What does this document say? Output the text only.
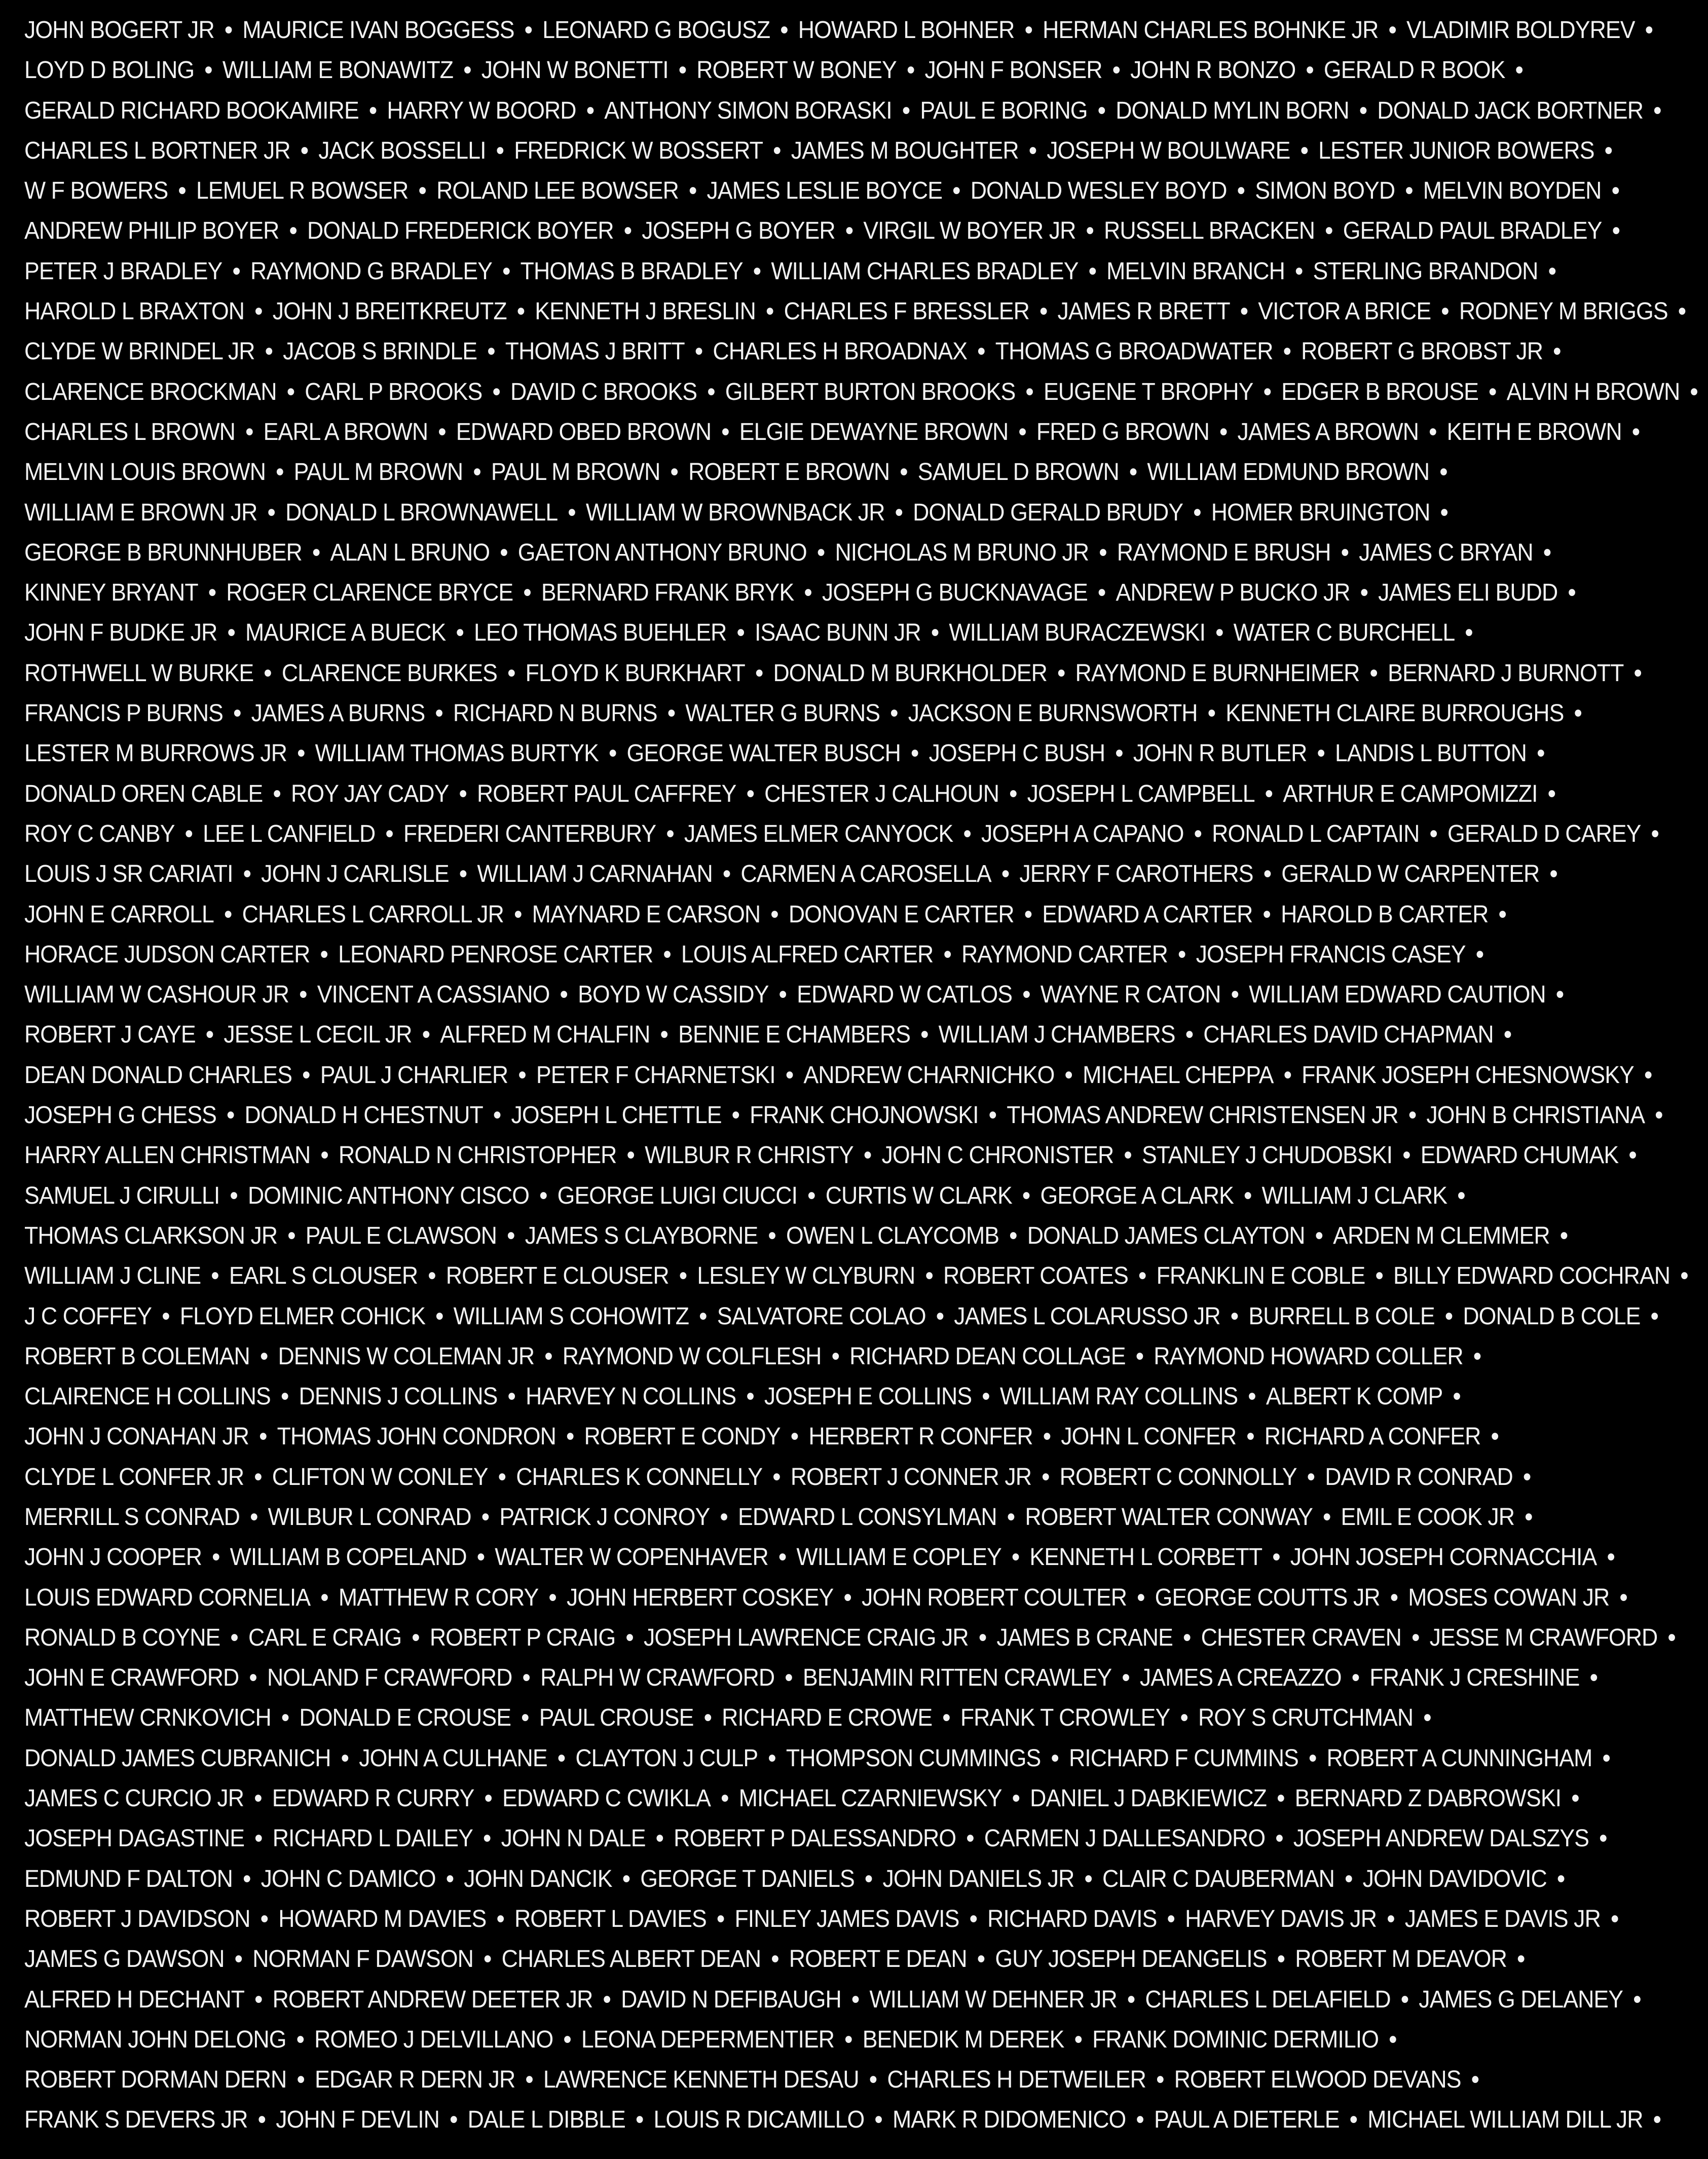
JOHN BOGERT JR • MAURICE IVAN BOGGESS • LEONARD G BOGUSZ • HOWARD L BOHNER • HERMAN CHARLES BOHNKE JR • VLADIMIR BOLDYREV •
LOYD D BOLING • WILLIAM E BONAWITZ • JOHN W BONETTI • ROBERT W BONEY • JOHN F BONSER • JOHN R BONZO • GERALD R BOOK •
GERALD RICHARD BOOKAMIRE • HARRY W BOORD • ANTHONY SIMON BORASKI • PAUL E BORING • DONALD MYLIN BORN • DONALD JACK BORTNER •
CHARLES L BORTNER JR • JACK BOSSELLI • FREDRICK W BOSSERT • JAMES M BOUGHTER • JOSEPH W BOULWARE • LESTER JUNIOR BOWERS •
W F BOWERS • LEMUEL R BOWSER • ROLAND LEE BOWSER • JAMES LESLIE BOYCE • DONALD WESLEY BOYD • SIMON BOYD • MELVIN BOYDEN •
ANDREW PHILIP BOYER • DONALD FREDERICK BOYER • JOSEPH G BOYER • VIRGIL W BOYER JR • RUSSELL BRACKEN • GERALD PAUL BRADLEY •
PETER J BRADLEY • RAYMOND G BRADLEY • THOMAS B BRADLEY • WILLIAM CHARLES BRADLEY • MELVIN BRANCH • STERLING BRANDON •
HAROLD L BRAXTON • JOHN J BREITKREUTZ • KENNETH J BRESLIN • CHARLES F BRESSLER • JAMES R BRETT • VICTOR A BRICE • RODNEY M BRIGGS •
CLYDE W BRINDEL JR • JACOB S BRINDLE • THOMAS J BRITT • CHARLES H BROADNAX • THOMAS G BROADWATER • ROBERT G BROBST JR •
CLARENCE BROCKMAN • CARL P BROOKS • DAVID C BROOKS • GILBERT BURTON BROOKS • EUGENE T BROPHY • EDGER B BROUSE • ALVIN H BROWN •
CHARLES L BROWN • EARL A BROWN • EDWARD OBED BROWN • ELGIE DEWAYNE BROWN • FRED G BROWN • JAMES A BROWN • KEITH E BROWN •
MELVIN LOUIS BROWN • PAUL M BROWN • PAUL M BROWN • ROBERT E BROWN • SAMUEL D BROWN • WILLIAM EDMUND BROWN •
WILLIAM E BROWN JR • DONALD L BROWNAWELL • WILLIAM W BROWNBACK JR • DONALD GERALD BRUDY • HOMER BRUINGTON •
GEORGE B BRUNNHUBER • ALAN L BRUNO • GAETON ANTHONY BRUNO • NICHOLAS M BRUNO JR • RAYMOND E BRUSH • JAMES C BRYAN •
KINNEY BRYANT • ROGER CLARENCE BRYCE • BERNARD FRANK BRYK • JOSEPH G BUCKNAVAGE • ANDREW P BUCKO JR • JAMES ELI BUDD •
JOHN F BUDKE JR • MAURICE A BUECK • LEO THOMAS BUEHLER • ISAAC BUNN JR • WILLIAM BURACZEWSKI • WATER C BURCHELL •
ROTHWELL W BURKE • CLARENCE BURKES • FLOYD K BURKHART • DONALD M BURKHOLDER • RAYMOND E BURNHEIMER • BERNARD J BURNOTT •
FRANCIS P BURNS • JAMES A BURNS • RICHARD N BURNS • WALTER G BURNS • JACKSON E BURNSWORTH • KENNETH CLAIRE BURROUGHS •
LESTER M BURROWS JR • WILLIAM THOMAS BURTYK • GEORGE WALTER BUSCH • JOSEPH C BUSH • JOHN R BUTLER • LANDIS L BUTTON •
DONALD OREN CABLE • ROY JAY CADY • ROBERT PAUL CAFFREY • CHESTER J CALHOUN • JOSEPH L CAMPBELL • ARTHUR E CAMPOMIZZI •
ROY C CANBY • LEE L CANFIELD • FREDERI CANTERBURY • JAMES ELMER CANYOCK • JOSEPH A CAPANO • RONALD L CAPTAIN • GERALD D CAREY •
LOUIS J SR CARIATI • JOHN J CARLISLE • WILLIAM J CARNAHAN • CARMEN A CAROSELLA • JERRY F CAROTHERS • GERALD W CARPENTER •
JOHN E CARROLL • CHARLES L CARROLL JR • MAYNARD E CARSON • DONOVAN E CARTER • EDWARD A CARTER • HAROLD B CARTER •
HORACE JUDSON CARTER • LEONARD PENROSE CARTER • LOUIS ALFRED CARTER • RAYMOND CARTER • JOSEPH FRANCIS CASEY •
WILLIAM W CASHOUR JR • VINCENT A CASSIANO • BOYD W CASSIDY • EDWARD W CATLOS • WAYNE R CATON • WILLIAM EDWARD CAUTION •
ROBERT J CAYE • JESSE L CECIL JR • ALFRED M CHALFIN • BENNIE E CHAMBERS • WILLIAM J CHAMBERS • CHARLES DAVID CHAPMAN •
DEAN DONALD CHARLES • PAUL J CHARLIER • PETER F CHARNETSKI • ANDREW CHARNICHKO • MICHAEL CHEPPA • FRANK JOSEPH CHESNOWSKY •
JOSEPH G CHESS • DONALD H CHESTNUT • JOSEPH L CHETTLE • FRANK CHOJNOWSKI • THOMAS ANDREW CHRISTENSEN JR • JOHN B CHRISTIANA •
HARRY ALLEN CHRISTMAN • RONALD N CHRISTOPHER • WILBUR R CHRISTY • JOHN C CHRONISTER • STANLEY J CHUDOBSKI • EDWARD CHUMAK •
SAMUEL J CIRULLI • DOMINIC ANTHONY CISCO • GEORGE LUIGI CIUCCI • CURTIS W CLARK • GEORGE A CLARK • WILLIAM J CLARK •
THOMAS CLARKSON JR • PAUL E CLAWSON • JAMES S CLAYBORNE • OWEN L CLAYCOMB • DONALD JAMES CLAYTON • ARDEN M CLEMMER •
WILLIAM J CLINE • EARL S CLOUSER • ROBERT E CLOUSER • LESLEY W CLYBURN • ROBERT COATES • FRANKLIN E COBLE • BILLY EDWARD COCHRAN •
J C COFFEY • FLOYD ELMER COHICK • WILLIAM S COHOWITZ • SALVATORE COLAO • JAMES L COLARUSSO JR • BURRELL B COLE • DONALD B COLE •
ROBERT B COLEMAN • DENNIS W COLEMAN JR • RAYMOND W COLFLESH • RICHARD DEAN COLLAGE • RAYMOND HOWARD COLLER •
CLAIRENCE H COLLINS • DENNIS J COLLINS • HARVEY N COLLINS • JOSEPH E COLLINS • WILLIAM RAY COLLINS • ALBERT K COMP •
JOHN J CONAHAN JR • THOMAS JOHN CONDRON • ROBERT E CONDY • HERBERT R CONFER • JOHN L CONFER • RICHARD A CONFER •
CLYDE L CONFER JR • CLIFTON W CONLEY • CHARLES K CONNELLY • ROBERT J CONNER JR • ROBERT C CONNOLLY • DAVID R CONRAD •
MERRILL S CONRAD • WILBUR L CONRAD • PATRICK J CONROY • EDWARD L CONSYLMAN • ROBERT WALTER CONWAY • EMIL E COOK JR •
JOHN J COOPER • WILLIAM B COPELAND • WALTER W COPENHAVER • WILLIAM E COPLEY • KENNETH L CORBETT • JOHN JOSEPH CORNACCHIA •
LOUIS EDWARD CORNELIA • MATTHEW R CORY • JOHN HERBERT COSKEY • JOHN ROBERT COULTER • GEORGE COUTTS JR • MOSES COWAN JR •
RONALD B COYNE • CARL E CRAIG • ROBERT P CRAIG • JOSEPH LAWRENCE CRAIG JR • JAMES B CRANE • CHESTER CRAVEN • JESSE M CRAWFORD •
JOHN E CRAWFORD • NOLAND F CRAWFORD • RALPH W CRAWFORD • BENJAMIN RITTEN CRAWLEY • JAMES A CREAZZO • FRANK J CRESHINE •
MATTHEW CRNKOVICH • DONALD E CROUSE • PAUL CROUSE • RICHARD E CROWE • FRANK T CROWLEY • ROY S CRUTCHMAN •
DONALD JAMES CUBRANICH • JOHN A CULHANE • CLAYTON J CULP • THOMPSON CUMMINGS • RICHARD F CUMMINS • ROBERT A CUNNINGHAM •
JAMES C CURCIO JR • EDWARD R CURRY • EDWARD C CWIKLA • MICHAEL CZARNIEWSKY • DANIEL J DABKIEWICZ • BERNARD Z DABROWSKI •
JOSEPH DAGASTINE • RICHARD L DAILEY • JOHN N DALE • ROBERT P DALESSANDRO • CARMEN J DALLESANDRO • JOSEPH ANDREW DALSZYS •
EDMUND F DALTON • JOHN C DAMICO • JOHN DANCIK • GEORGE T DANIELS • JOHN DANIELS JR • CLAIR C DAUBERMAN • JOHN DAVIDOVIC •
ROBERT J DAVIDSON • HOWARD M DAVIES • ROBERT L DAVIES • FINLEY JAMES DAVIS • RICHARD DAVIS • HARVEY DAVIS JR • JAMES E DAVIS JR •
JAMES G DAWSON • NORMAN F DAWSON • CHARLES ALBERT DEAN • ROBERT E DEAN • GUY JOSEPH DEANGELIS • ROBERT M DEAVOR •
ALFRED H DECHANT • ROBERT ANDREW DEETER JR • DAVID N DEFIBAUGH • WILLIAM W DEHNER JR • CHARLES L DELAFIELD • JAMES G DELANEY •
NORMAN JOHN DELONG • ROMEO J DELVILLANO • LEONA DEPERMENTIER • BENEDIK M DEREK • FRANK DOMINIC DERMILIO •
ROBERT DORMAN DERN • EDGAR R DERN JR • LAWRENCE KENNETH DESAU • CHARLES H DETWEILER • ROBERT ELWOOD DEVANS •
FRANK S DEVERS JR • JOHN F DEVLIN • DALE L DIBBLE • LOUIS R DICAMILLO • MARK R DIDOMENICO • PAUL A DIETERLE • MICHAEL WILLIAM DILL JR •
